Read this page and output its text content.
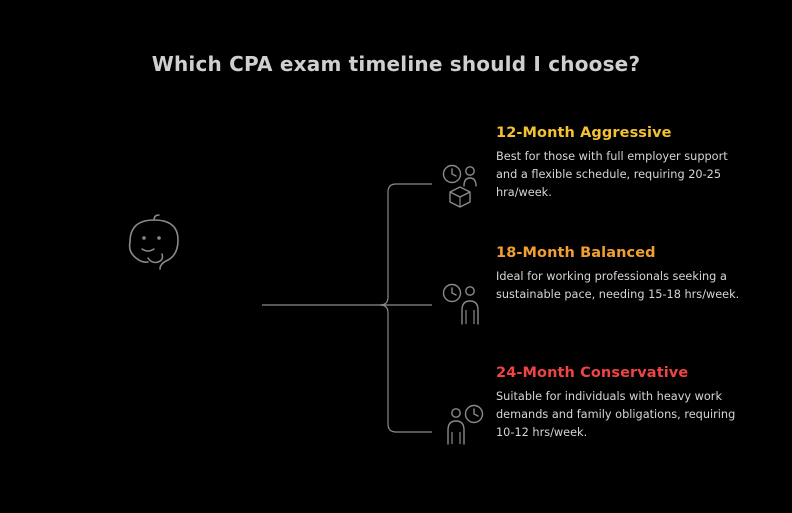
Which CPA exam timeline should I choose?
12-Month Aggressive

Best for those with full employer support and a flexible schedule, requiring 20-25 hra/week.

18-Month Balanced

Ideal for working professionals seeking a sustainable pace, needing 15-18 hrs/week.

24-Month Conservative

Suitable for individuals with heavy work demands and family obligations, requiring 10-12 hrs/week.
